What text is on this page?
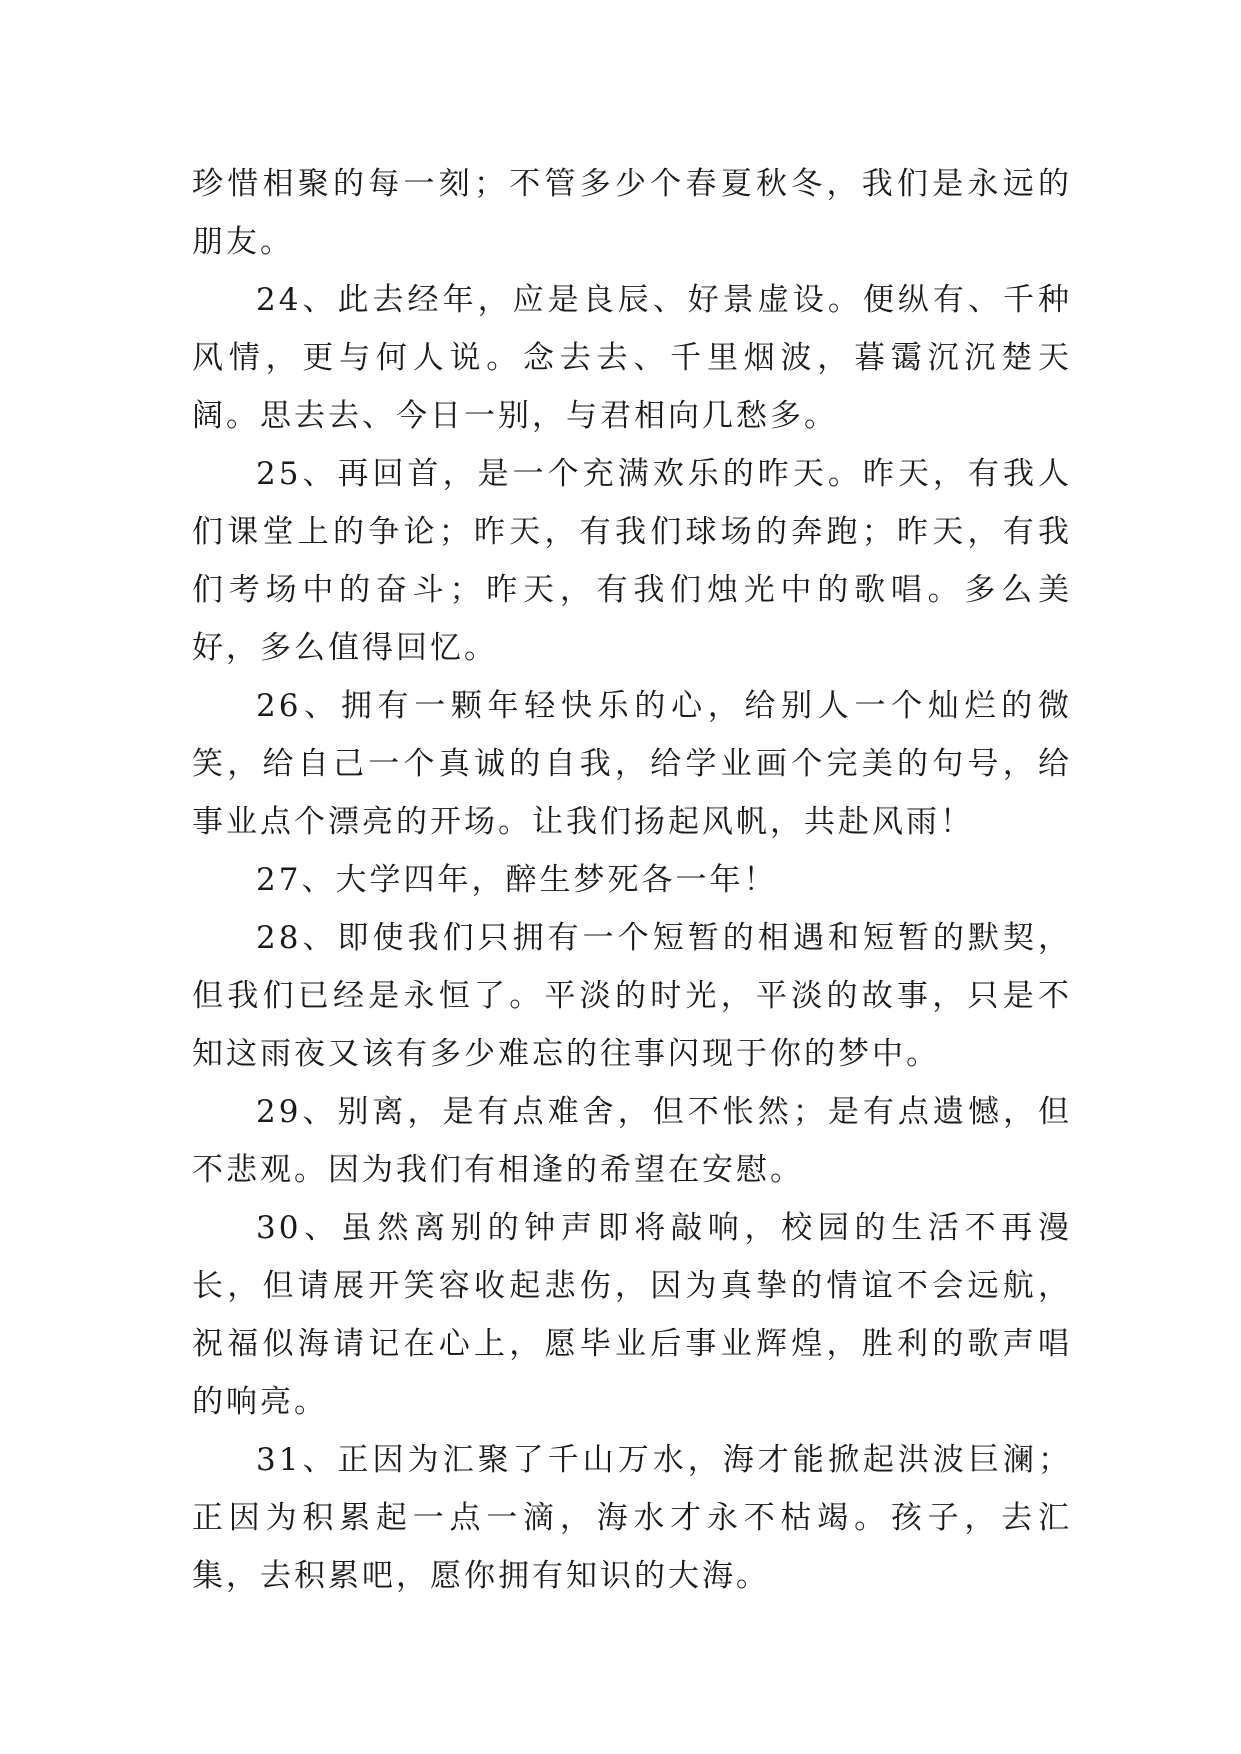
珍惜相聚的每一刻；不管多少个春夏秋冬，我们是永远的朋友。

24、此去经年，应是良辰、好景虚设。便纵有、千种风情，更与何人说。念去去、千里烟波，暮霭沉沉楚天阔。思去去、今日一别，与君相向几愁多。

25、再回首，是一个充满欢乐的昨天。昨天，有我人们课堂上的争论；昨天，有我们球场的奔跑；昨天，有我们考场中的奋斗；昨天，有我们烛光中的歌唱。多么美好，多么值得回忆。

26、拥有一颗年轻快乐的心，给别人一个灿烂的微笑，给自己一个真诚的自我，给学业画个完美的句号，给事业点个漂亮的开场。让我们扬起风帆，共赴风雨！

27、大学四年，醉生梦死各一年！

28、即使我们只拥有一个短暂的相遇和短暂的默契，但我们已经是永恒了。平淡的时光，平淡的故事，只是不知这雨夜又该有多少难忘的往事闪现于你的梦中。

29、别离，是有点难舍，但不怅然；是有点遗憾，但不悲观。因为我们有相逢的希望在安慰。

30、虽然离别的钟声即将敲响，校园的生活不再漫长，但请展开笑容收起悲伤，因为真挚的情谊不会远航，祝福似海请记在心上，愿毕业后事业辉煌，胜利的歌声唱的响亮。

31、正因为汇聚了千山万水，海才能掀起洪波巨澜；正因为积累起一点一滴，海水才永不枯竭。孩子，去汇集，去积累吧，愿你拥有知识的大海。
